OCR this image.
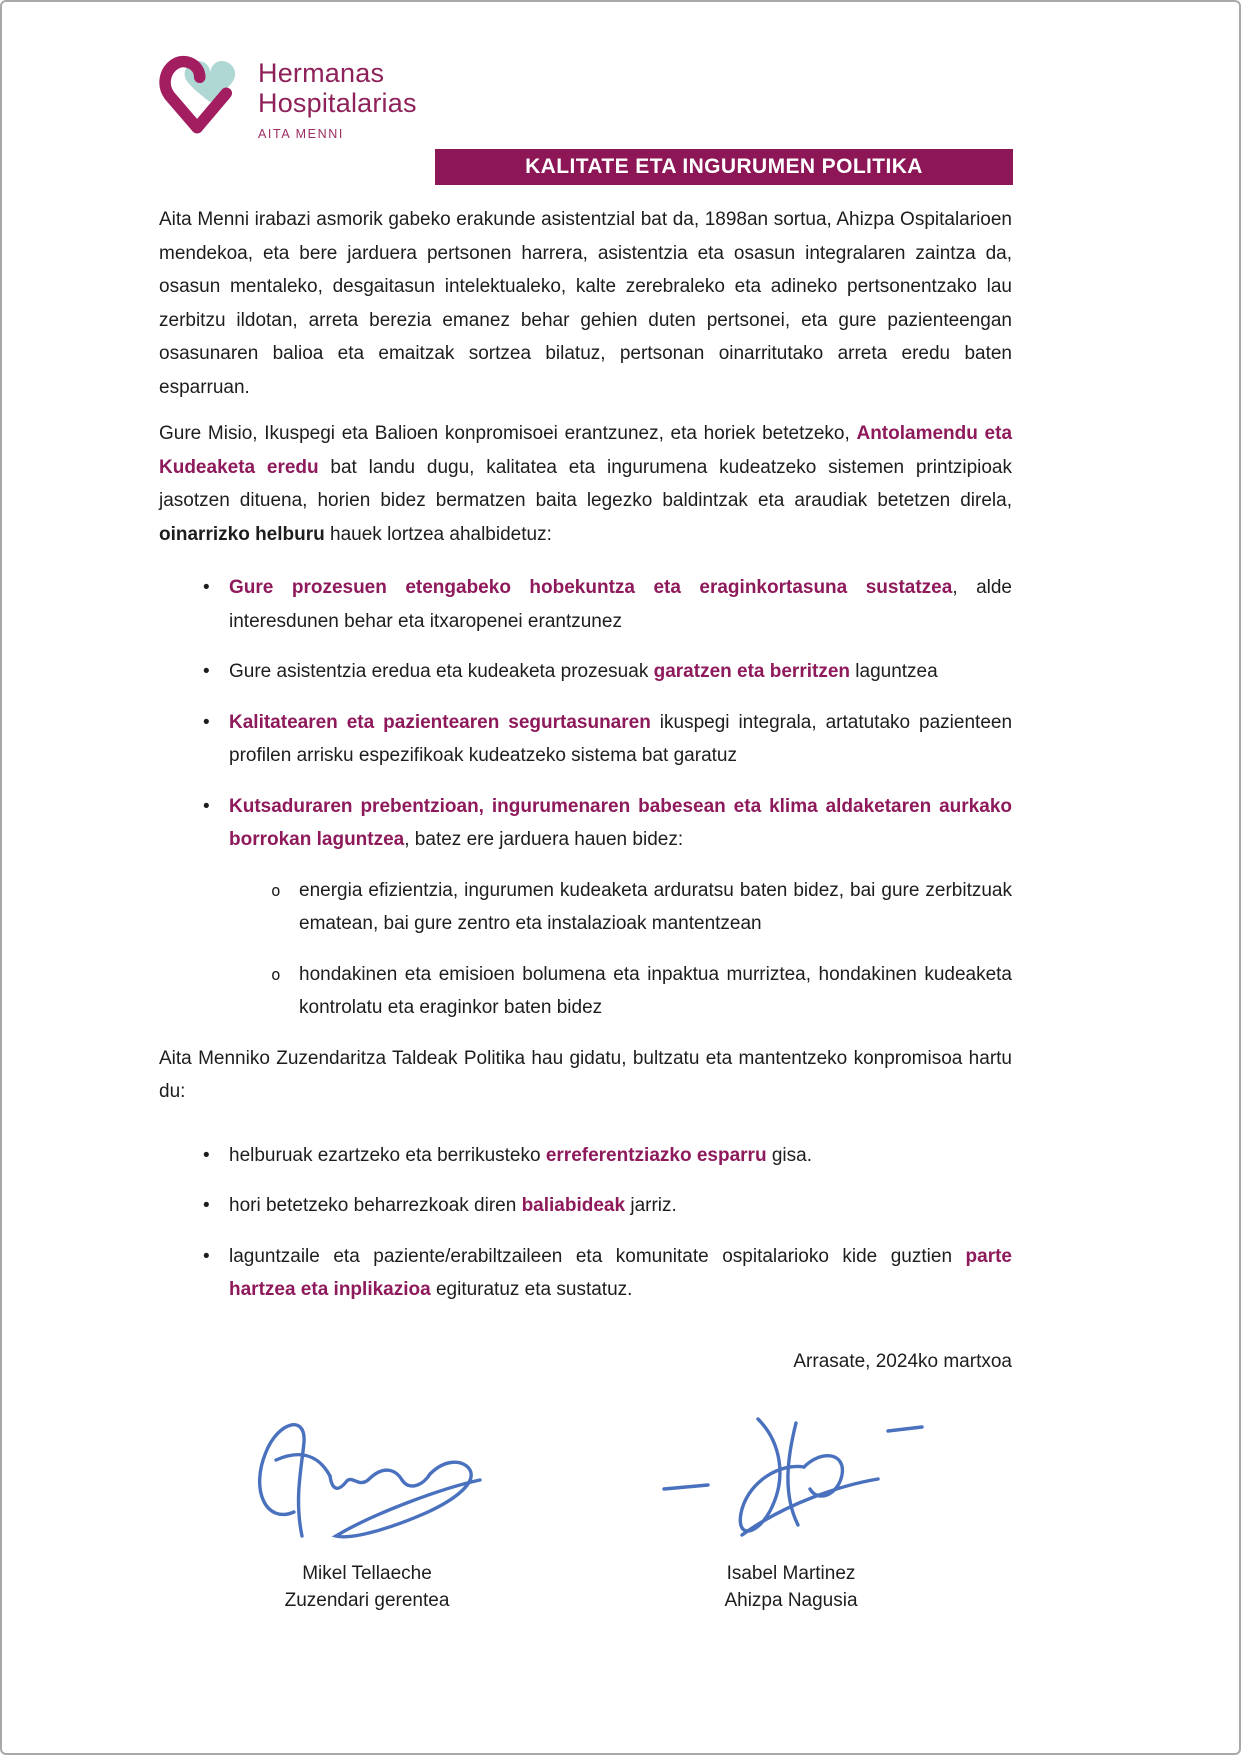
Hermanas
Hospitalarias
AITA MENNI
KALITATE ETA INGURUMEN POLITIKA

Aita Menni irabazi asmorik gabeko erakunde asistentzial bat da, 1898an sortua, Ahizpa Ospitalarioen mendekoa, eta bere jarduera pertsonen harrera, asistentzia eta osasun integralaren zaintza da, osasun mentaleko, desgaitasun intelektualeko, kalte zerebraleko eta adineko pertsonentzako lau zerbitzu ildotan, arreta berezia emanez behar gehien duten pertsonei, eta gure pazienteengan osasunaren balioa eta emaitzak sortzea bilatuz, pertsonan oinarritutako arreta eredu baten esparruan.

Gure Misio, Ikuspegi eta Balioen konpromisoei erantzunez, eta horiek betetzeko, Antolamendu eta Kudeaketa eredu bat landu dugu, kalitatea eta ingurumena kudeatzeko sistemen printzipioak jasotzen dituena, horien bidez bermatzen baita legezko baldintzak eta araudiak betetzen direla, oinarrizko helburu hauek lortzea ahalbidetuz:

•	Gure prozesuen etengabeko hobekuntza eta eraginkortasuna sustatzea, alde interesdunen behar eta itxaropenei erantzunez
•	Gure asistentzia eredua eta kudeaketa prozesuak garatzen eta berritzen laguntzea
•	Kalitatearen eta pazientearen segurtasunaren ikuspegi integrala, artatutako pazienteen profilen arrisku espezifikoak kudeatzeko sistema bat garatuz
•	Kutsaduraren prebentzioan, ingurumenaren babesean eta klima aldaketaren aurkako borrokan laguntzea, batez ere jarduera hauen bidez:
o energia efizientzia, ingurumen kudeaketa arduratsu baten bidez, bai gure zerbitzuak ematean, bai gure zentro eta instalazioak mantentzean
o hondakinen eta emisioen bolumena eta inpaktua murriztea, hondakinen kudeaketa kontrolatu eta eraginkor baten bidez

Aita Menniko Zuzendaritza Taldeak Politika hau gidatu, bultzatu eta mantentzeko konpromisoa hartu du:

•	helburuak ezartzeko eta berrikusteko erreferentziazko esparru gisa.
•	hori betetzeko beharrezkoak diren baliabideak jarriz.
•	laguntzaile eta paziente/erabiltzaileen eta komunitate ospitalarioko kide guztien parte hartzea eta inplikazioa egituratuz eta sustatuz.
Arrasate, 2024ko martxoa
Mikel Tellaeche
Zuzendari gerentea
Isabel Martinez
Ahizpa Nagusia
